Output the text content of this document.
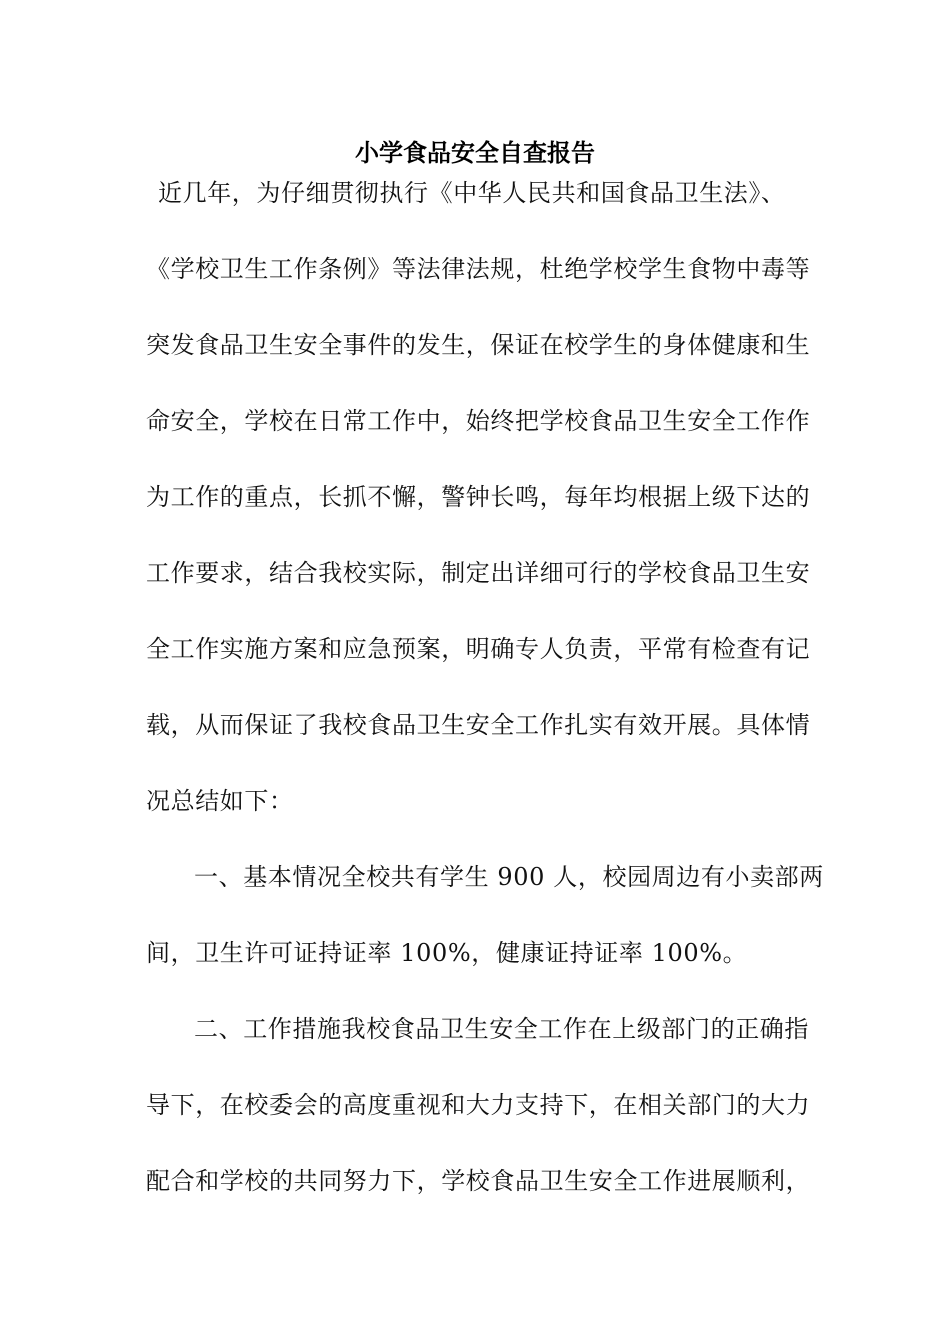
小学食品安全自查报告
近几年，为仔细贯彻执行《中华人民共和国食品卫生法》、
《学校卫生工作条例》等法律法规，杜绝学校学生食物中毒等
突发食品卫生安全事件的发生，保证在校学生的身体健康和生
命安全，学校在日常工作中，始终把学校食品卫生安全工作作
为工作的重点，长抓不懈，警钟长鸣，每年均根据上级下达的
工作要求，结合我校实际，制定出详细可行的学校食品卫生安
全工作实施方案和应急预案，明确专人负责，平常有检查有记
载，从而保证了我校食品卫生安全工作扎实有效开展。具体情
况总结如下：
一、基本情况全校共有学生 900 人，校园周边有小卖部两
间，卫生许可证持证率 100%，健康证持证率 100%。
二、工作措施我校食品卫生安全工作在上级部门的正确指
导下，在校委会的高度重视和大力支持下，在相关部门的大力
配合和学校的共同努力下，学校食品卫生安全工作进展顺利，
